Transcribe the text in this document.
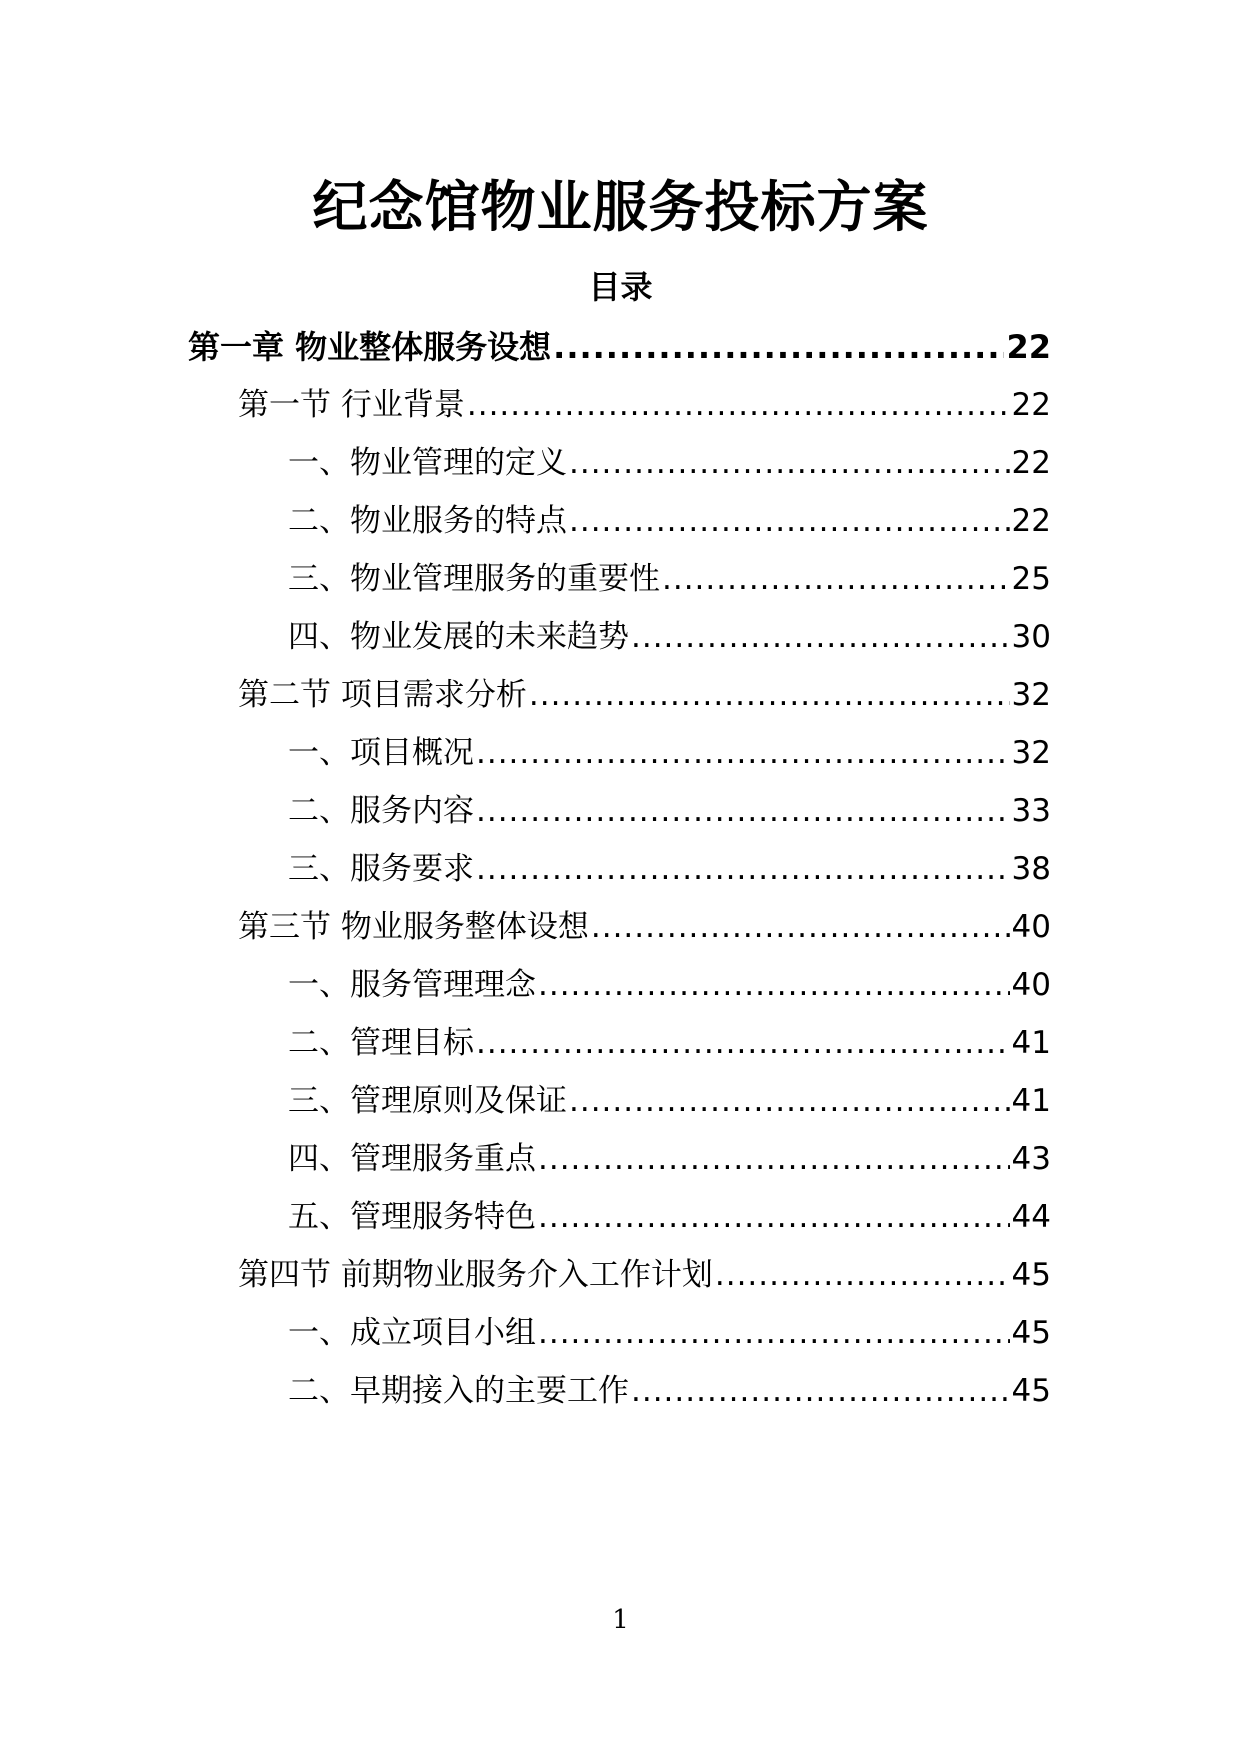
纪念馆物业服务投标方案
目录
第一章 物业整体服务设想 .....	22
第一节 行业背景 .....	22
一、物业管理的定义 .....	22
二、物业服务的特点 .....	22
三、物业管理服务的重要性 .....	25
四、物业发展的未来趋势 .....	30
第二节 项目需求分析 .....	32
一、项目概况 .....	32
二、服务内容 .....	33
三、服务要求 .....	38
第三节 物业服务整体设想 .....	40
一、服务管理理念 .....	40
二、管理目标 .....	41
三、管理原则及保证 .....	41
四、管理服务重点 .....	43
五、管理服务特色 .....	44
第四节 前期物业服务介入工作计划 .....	45
一、成立项目小组 .....	45
二、早期接入的主要工作 .....	45
1
